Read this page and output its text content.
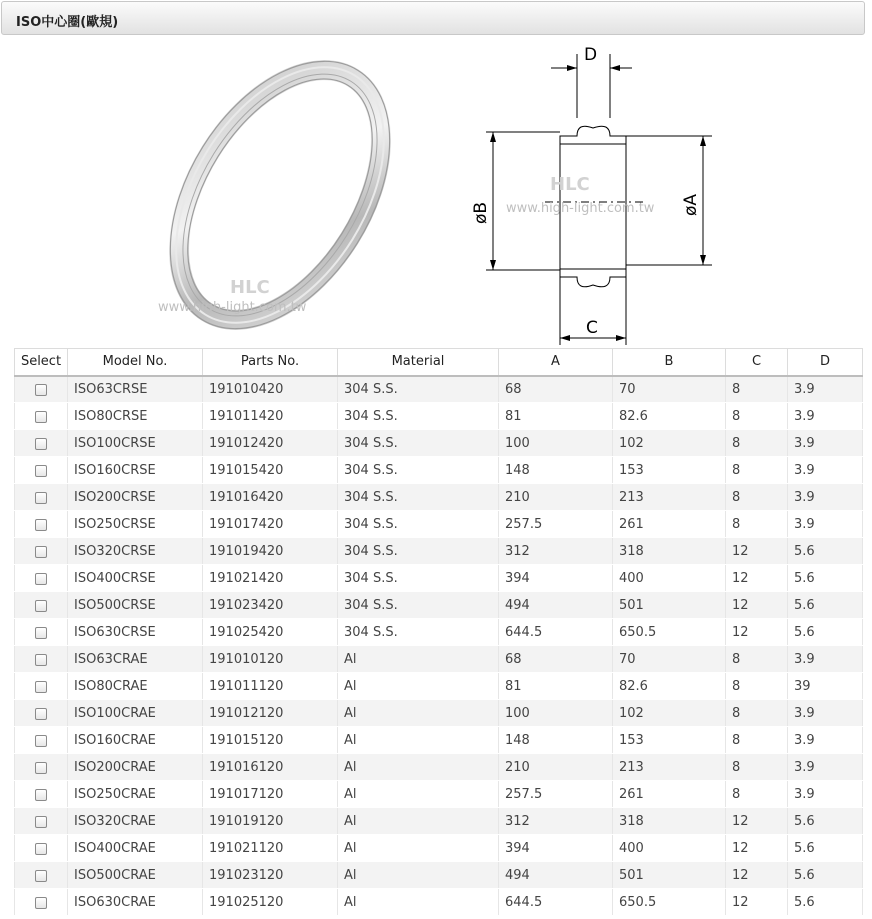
ISO中心圈(歐規)
HLC
www.high-light.com.tw
D
øB	øA
C
HLC
www.high-light.com.tw
Select	Model No.	Parts No.	Material	A	B	C	D
	ISO63CRSE	191010420	304 S.S.	68	70	8	3.9
	ISO80CRSE	191011420	304 S.S.	81	82.6	8	3.9
	ISO100CRSE	191012420	304 S.S.	100	102	8	3.9
	ISO160CRSE	191015420	304 S.S.	148	153	8	3.9
	ISO200CRSE	191016420	304 S.S.	210	213	8	3.9
	ISO250CRSE	191017420	304 S.S.	257.5	261	8	3.9
	ISO320CRSE	191019420	304 S.S.	312	318	12	5.6
	ISO400CRSE	191021420	304 S.S.	394	400	12	5.6
	ISO500CRSE	191023420	304 S.S.	494	501	12	5.6
	ISO630CRSE	191025420	304 S.S.	644.5	650.5	12	5.6
	ISO63CRAE	191010120	Al	68	70	8	3.9
	ISO80CRAE	191011120	Al	81	82.6	8	39
	ISO100CRAE	191012120	Al	100	102	8	3.9
	ISO160CRAE	191015120	Al	148	153	8	3.9
	ISO200CRAE	191016120	Al	210	213	8	3.9
	ISO250CRAE	191017120	Al	257.5	261	8	3.9
	ISO320CRAE	191019120	Al	312	318	12	5.6
	ISO400CRAE	191021120	Al	394	400	12	5.6
	ISO500CRAE	191023120	Al	494	501	12	5.6
	ISO630CRAE	191025120	Al	644.5	650.5	12	5.6
